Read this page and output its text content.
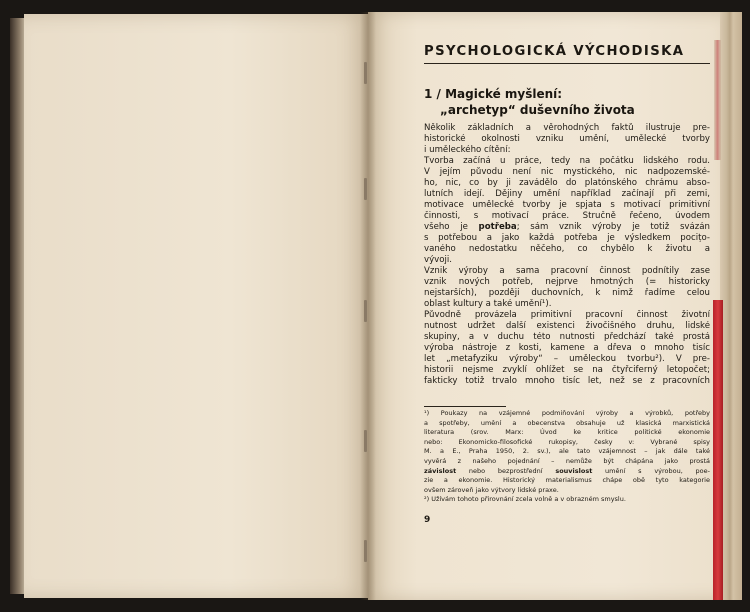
PSYCHOLOGICKÁ VÝCHODISKA
1 / Magické myšlení:
„archetyp“ duševního života
Několik základních a věrohodných faktů ilustruje pre-
historické okolnosti vzniku umění, umělecké tvorby
i uměleckého cítění:
Tvorba začíná u práce, tedy na počátku lidského rodu.
V jejím původu není nic mystického, nic nadpozemské-
ho, nic, co by ji zavádělo do platónského chrámu abso-
lutních idejí. Dějiny umění například začínají při zemi,
motivace umělecké tvorby je spjata s motivací primitivní
činnosti, s motivací práce. Stručně řečeno, úvodem
všeho je potřeba; sám vznik výroby je totiž svázán
s potřebou a jako každá potřeba je výsledkem pocițo-
vaného nedostatku něčeho, co chybělo k životu a
vývoji.
Vznik výroby a sama pracovní činnost podnítily zase
vznik nových potřeb, nejprve hmotných (= historicky
nejstarších), později duchovních, k nimž řadíme celou
oblast kultury a také umění¹).
Původně provázela primitivní pracovní činnost životní
nutnost udržet další existenci živočišného druhu, lidské
skupiny, a v duchu této nutnosti předchází také prostá
výroba nástroje z kosti, kamene a dřeva o mnoho tisíc
let „metafyziku výroby“ – uměleckou tvorbu²). V pre-
historii nejsme zvyklí ohlížet se na čtyřciferný letopočet;
fakticky totiž trvalo mnoho tisíc let, než se z pracovních
¹) Poukazy na vzájemné podmiňování výroby a výrobků, potřeby
a spotřeby, umění a obecenstva obsahuje už klasická marxistická
literatura (srov. Marx: Úvod ke kritice politické ekonomie
nebo: Ekonomicko-filosofické rukopisy, česky v: Vybrané spisy
M. a E., Praha 1950, 2. sv.), ale tato vzájemnost – jak dále také
vyvěrá z našeho pojednání – nemůže být chápána jako prostá
závislost nebo bezprostřední souvislost umění s výrobou, poe-
zie a ekonomie. Historický materialismus chápe obě tyto kategorie
ovšem zároveň jako výtvory lidské praxe.
²) Užívám tohoto přirovnání zcela volně a v obrazném smyslu.
9
